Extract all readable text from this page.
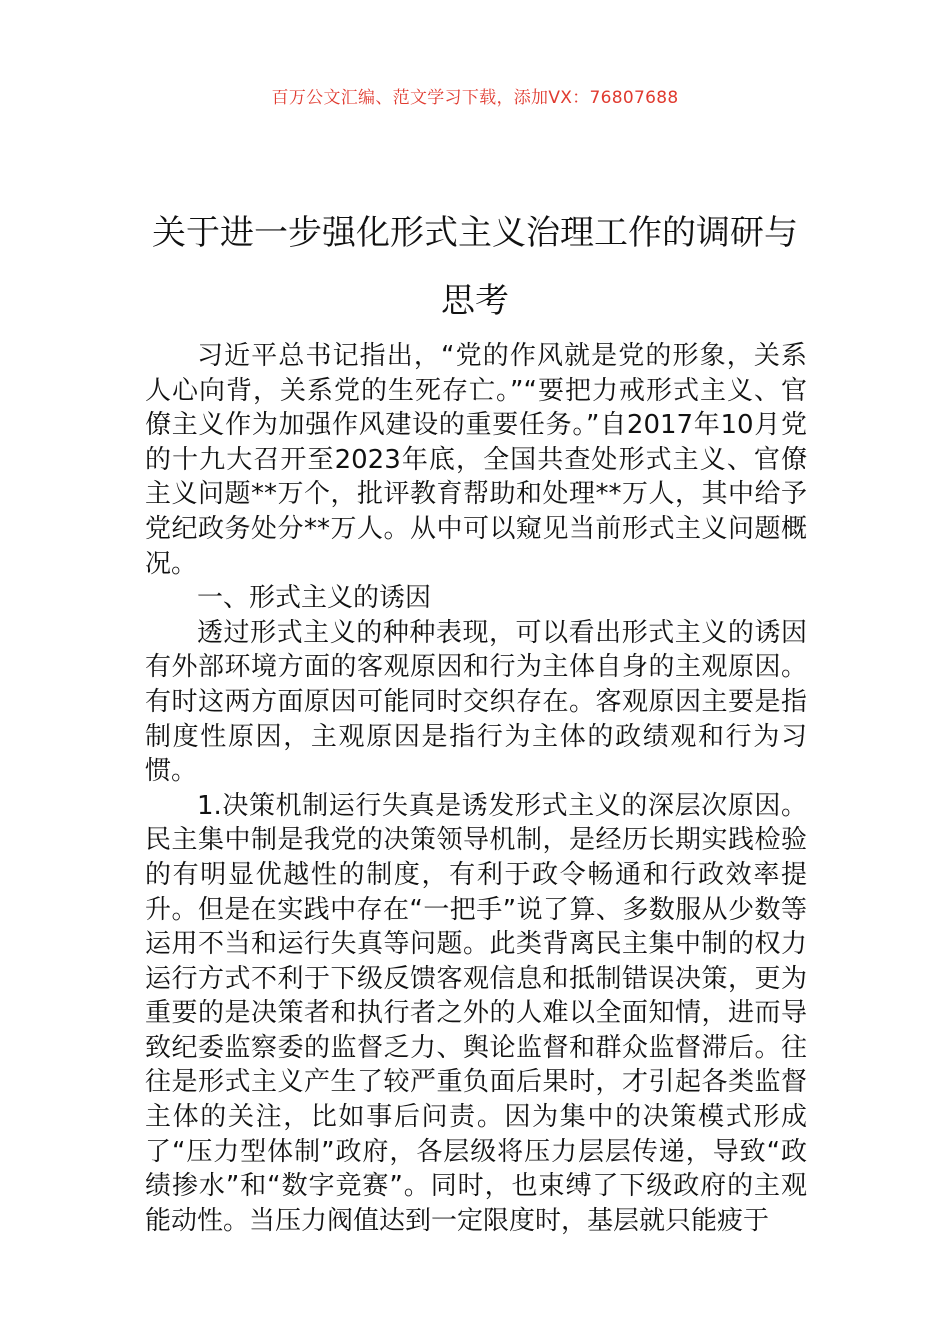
百万公文汇编、范文学习下载，添加VX：76807688
关于进一步强化形式主义治理工作的调研与思考

习近平总书记指出，“党的作风就是党的形象，关系人心向背，关系党的生死存亡。”“要把力戒形式主义、官僚主义作为加强作风建设的重要任务。”自2017年10月党的十九大召开至2023年底，全国共查处形式主义、官僚主义问题**万个，批评教育帮助和处理**万人，其中给予党纪政务处分**万人。从中可以窥见当前形式主义问题概况。

一、形式主义的诱因

透过形式主义的种种表现，可以看出形式主义的诱因有外部环境方面的客观原因和行为主体自身的主观原因。有时这两方面原因可能同时交织存在。客观原因主要是指制度性原因，主观原因是指行为主体的政绩观和行为习惯。

1.决策机制运行失真是诱发形式主义的深层次原因。民主集中制是我党的决策领导机制，是经历长期实践检验的有明显优越性的制度，有利于政令畅通和行政效率提升。但是在实践中存在“一把手”说了算、多数服从少数等运用不当和运行失真等问题。此类背离民主集中制的权力运行方式不利于下级反馈客观信息和抵制错误决策，更为重要的是决策者和执行者之外的人难以全面知情，进而导致纪委监察委的监督乏力、舆论监督和群众监督滞后。往往是形式主义产生了较严重负面后果时，才引起各类监督主体的关注，比如事后问责。因为集中的决策模式形成了“压力型体制”政府，各层级将压力层层传递，导致“政绩掺水”和“数字竞赛”。同时，也束缚了下级政府的主观能动性。当压力阀值达到一定限度时，基层就只能疲于
